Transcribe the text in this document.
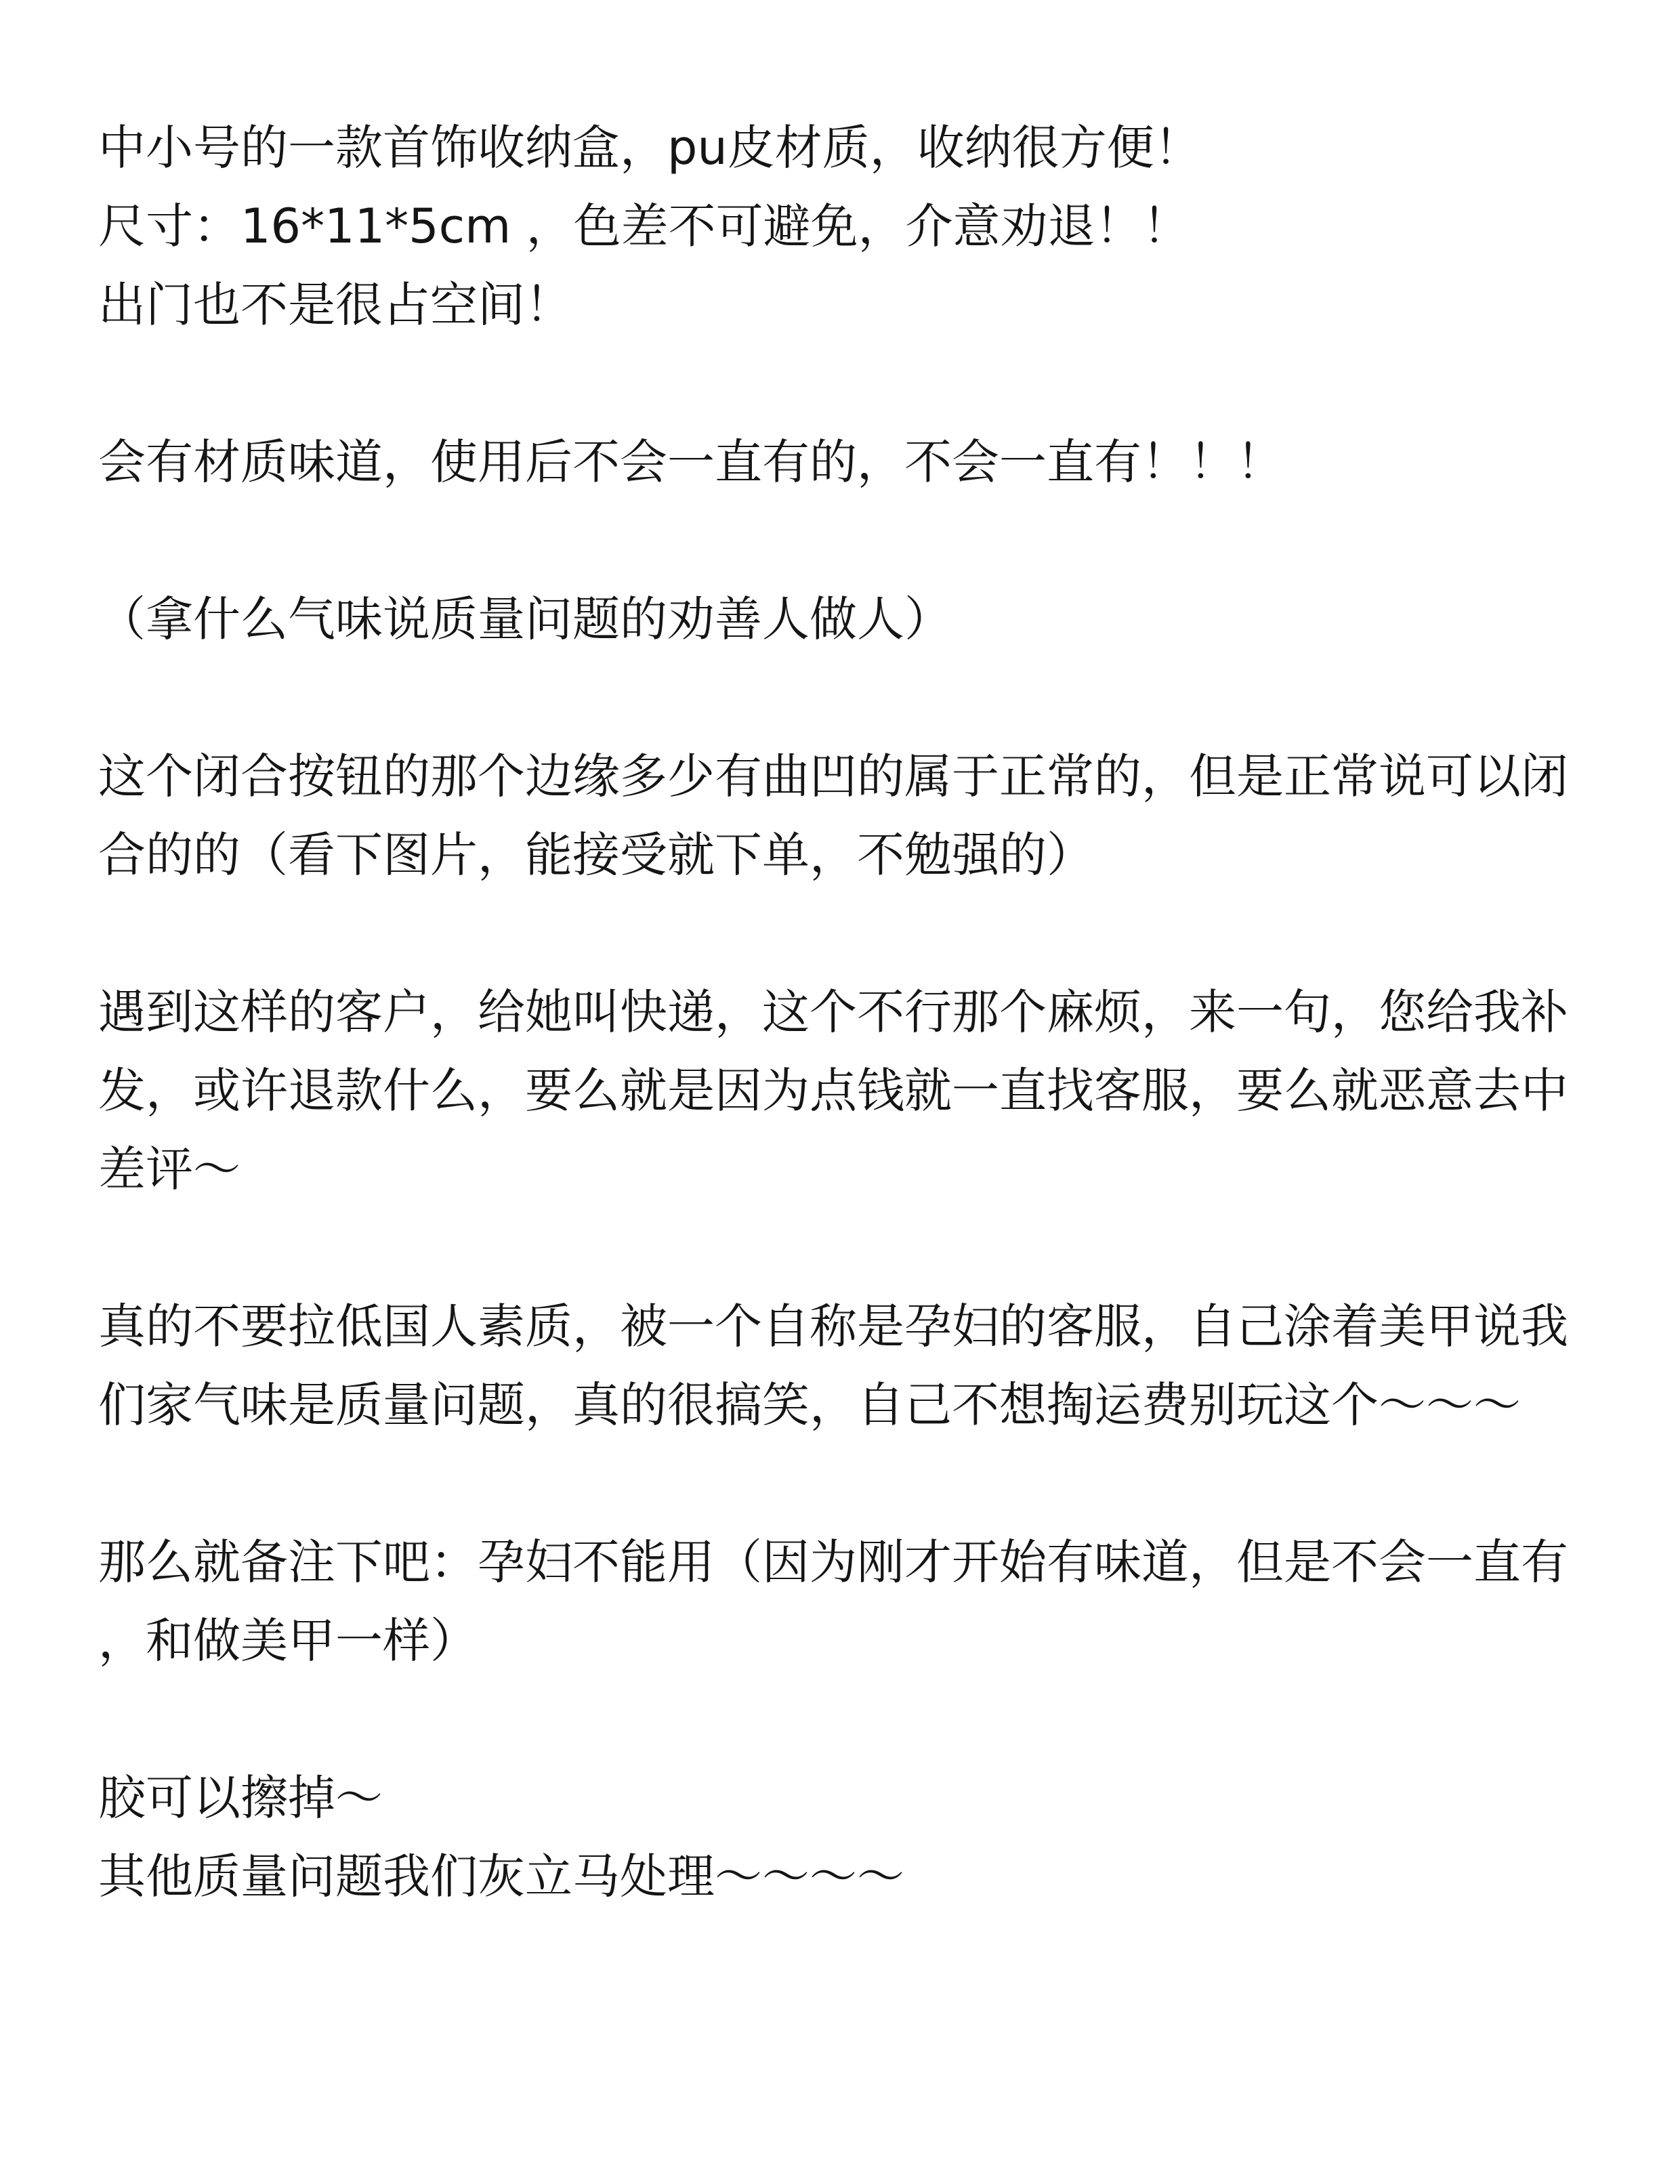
中小号的一款首饰收纳盒，pu皮材质，收纳很方便！
尺寸：16*11*5cm ，色差不可避免，介意劝退！！
出门也不是很占空间！
会有材质味道，使用后不会一直有的，不会一直有！！！
（拿什么气味说质量问题的劝善人做人）
这个闭合按钮的那个边缘多少有曲凹的属于正常的，但是正常说可以闭
合的的（看下图片，能接受就下单，不勉强的）
遇到这样的客户，给她叫快递，这个不行那个麻烦，来一句，您给我补
发，或许退款什么，要么就是因为点钱就一直找客服，要么就恶意去中
差评～
真的不要拉低国人素质，被一个自称是孕妇的客服，自己涂着美甲说我
们家气味是质量问题，真的很搞笑，自己不想掏运费别玩这个～～～
那么就备注下吧：孕妇不能用（因为刚才开始有味道，但是不会一直有
，和做美甲一样）
胶可以擦掉～
其他质量问题我们灰立马处理～～～～
